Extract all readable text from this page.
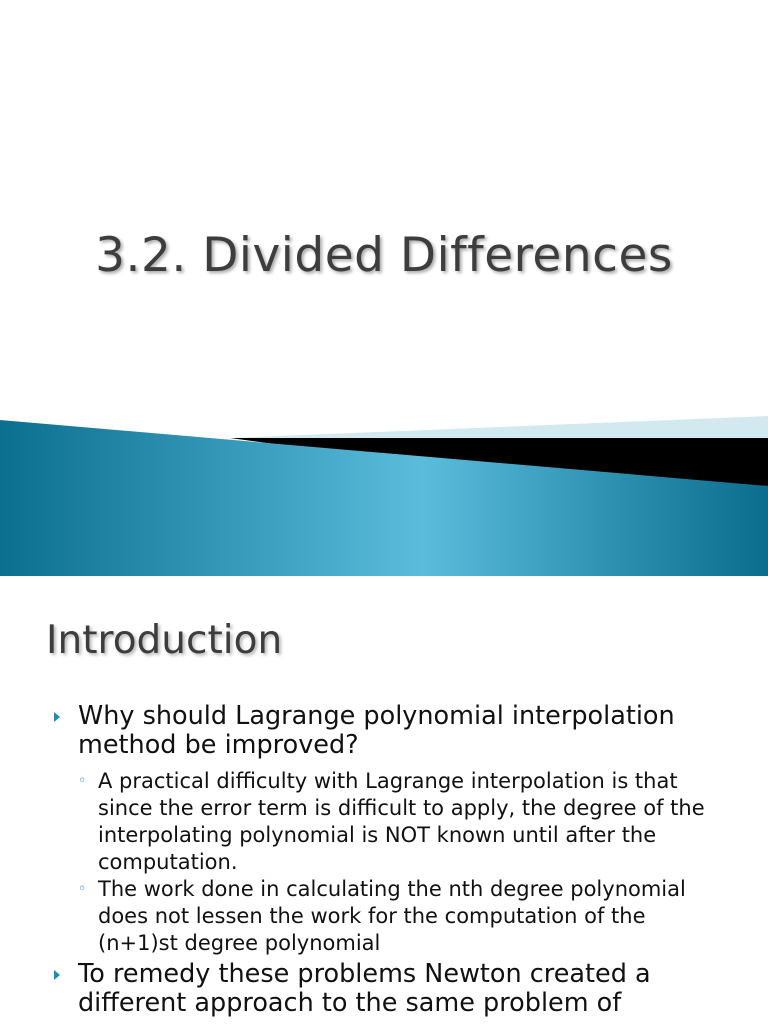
3.2. Divided Differences
Introduction
Why should Lagrange polynomial interpolation method be improved?
◦ A practical difficulty with Lagrange interpolation is that since the error term is difficult to apply, the degree of the interpolating polynomial is NOT known until after the computation.
◦ The work done in calculating the nth degree polynomial does not lessen the work for the computation of the (n+1)st degree polynomial
To remedy these problems Newton created a different approach to the same problem of
